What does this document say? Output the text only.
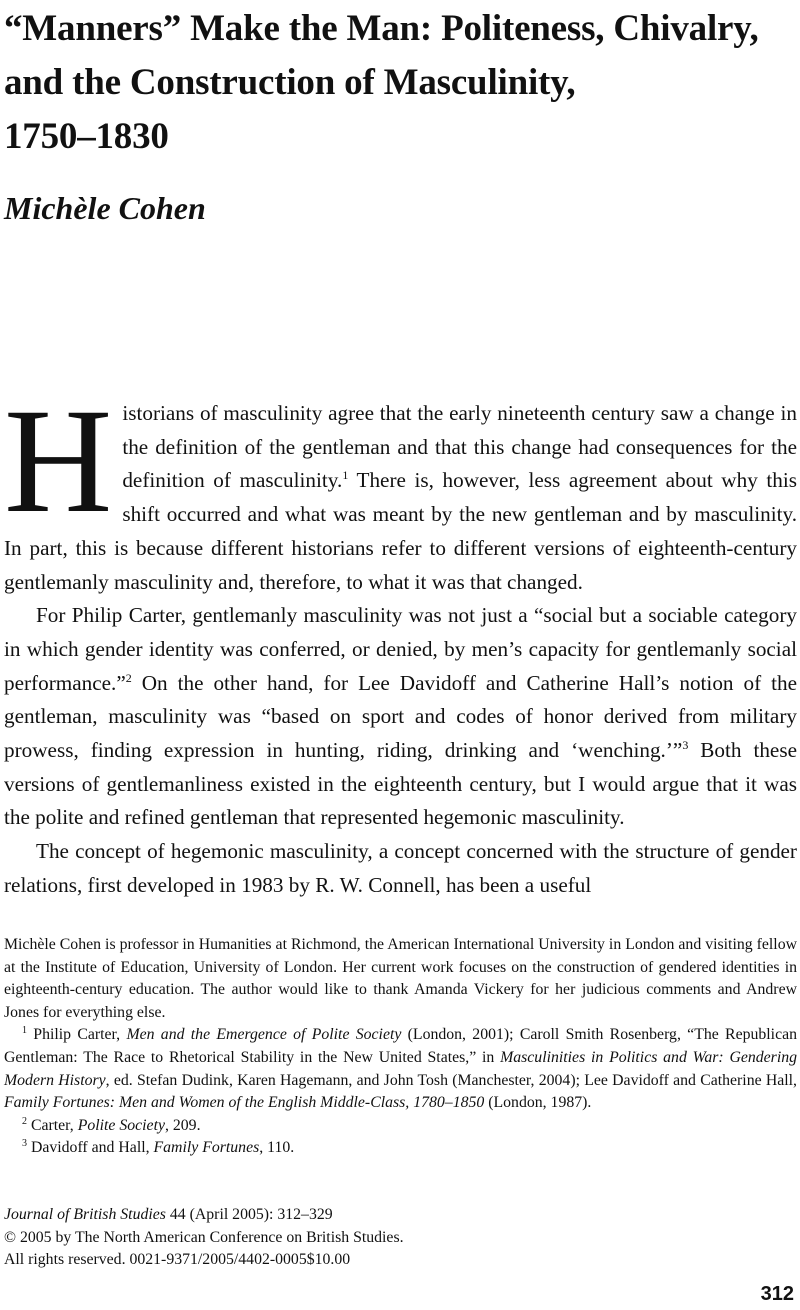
“Manners” Make the Man: Politeness, Chivalry,
and the Construction of Masculinity,
1750–1830
Michèle Cohen

Historians of masculinity agree that the early nineteenth century saw a change in the definition of the gentleman and that this change had consequences for the definition of masculinity.$^1$ There is, however, less agreement about why this shift occurred and what was meant by the new gentleman and by masculinity. In part, this is because different historians refer to different versions of eighteenth-century gentlemanly masculinity and, therefore, to what it was that changed.

For Philip Carter, gentlemanly masculinity was not just a “social but a sociable category in which gender identity was conferred, or denied, by men’s capacity for gentlemanly social performance.”$^2$ On the other hand, for Lee Davidoff and Catherine Hall’s notion of the gentleman, masculinity was “based on sport and codes of honor derived from military prowess, finding expression in hunting, riding, drinking and ‘wenching.’”$^3$ Both these versions of gentlemanliness existed in the eighteenth century, but I would argue that it was the polite and refined gentleman that represented hegemonic masculinity.

The concept of hegemonic masculinity, a concept concerned with the structure of gender relations, first developed in 1983 by R. W. Connell, has been a useful

Michèle Cohen is professor in Humanities at Richmond, the American International University in London and visiting fellow at the Institute of Education, University of London. Her current work focuses on the construction of gendered identities in eighteenth-century education. The author would like to thank Amanda Vickery for her judicious comments and Andrew Jones for everything else.

$^1$ Philip Carter, Men and the Emergence of Polite Society (London, 2001); Caroll Smith Rosenberg, “The Republican Gentleman: The Race to Rhetorical Stability in the New United States,” in Masculinities in Politics and War: Gendering Modern History, ed. Stefan Dudink, Karen Hagemann, and John Tosh (Manchester, 2004); Lee Davidoff and Catherine Hall, Family Fortunes: Men and Women of the English Middle-Class, 1780–1850 (London, 1987).

$^2$ Carter, Polite Society, 209.

$^3$ Davidoff and Hall, Family Fortunes, 110.

Journal of British Studies 44 (April 2005): 312–329
© 2005 by The North American Conference on British Studies.
All rights reserved. 0021-9371/2005/4402-0005$10.00
312
